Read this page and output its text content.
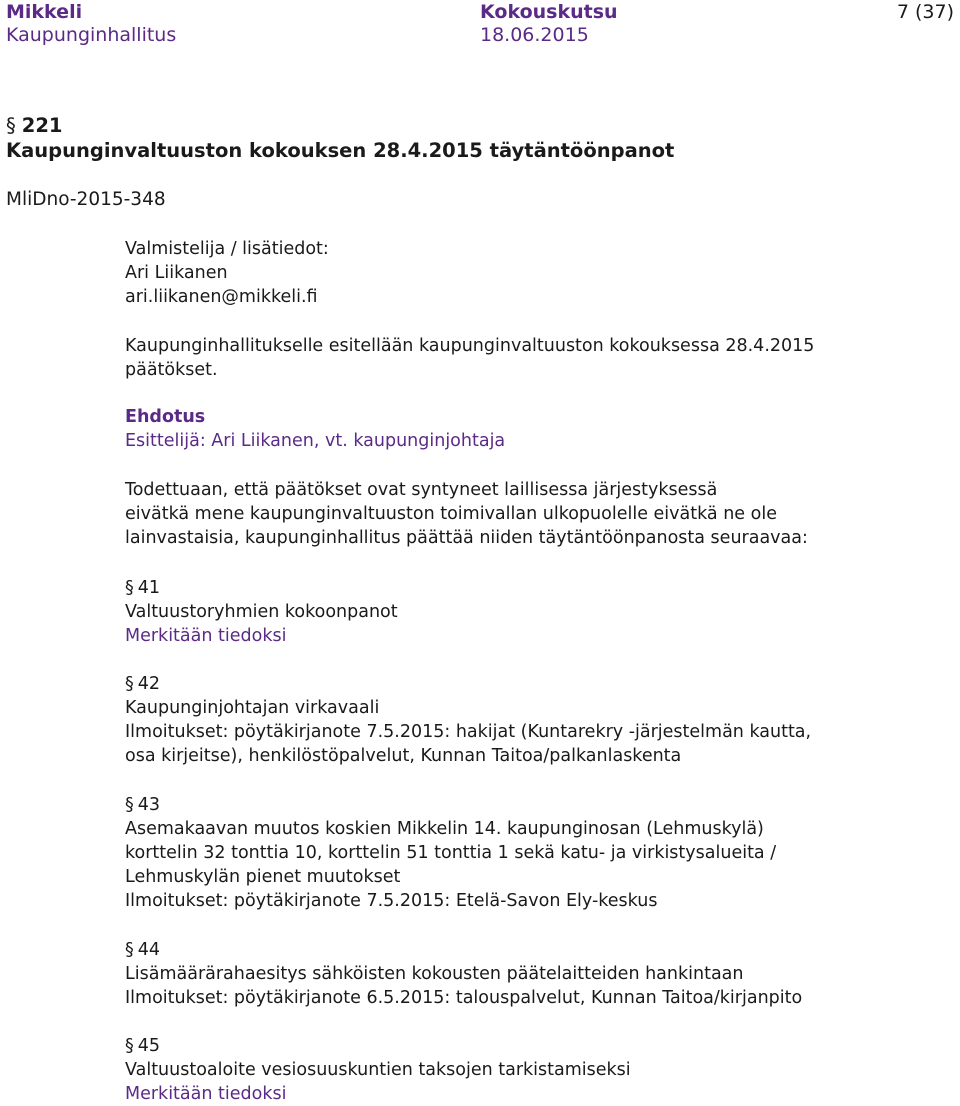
Mikkeli	Kokouskutsu	7 (37)
Kaupunginhallitus	18.06.2015
§ 221
Kaupunginvaltuuston kokouksen 28.4.2015 täytäntöönpanot
MliDno-2015-348
Valmistelija / lisätiedot:
Ari Liikanen
ari.liikanen@mikkeli.fi
Kaupunginhallitukselle esitellään kaupunginvaltuuston kokouksessa 28.4.2015
päätökset.
Ehdotus
Esittelijä: Ari Liikanen, vt. kaupunginjohtaja
Todettuaan, että päätökset ovat syntyneet laillisessa järjestyksessä
eivätkä mene kaupunginvaltuuston toimivallan ulkopuolelle eivätkä ne ole
lainvastaisia, kaupunginhallitus päättää niiden täytäntöönpanosta seuraavaa:
§ 41
Valtuustoryhmien kokoonpanot
Merkitään tiedoksi
§ 42
Kaupunginjohtajan virkavaali
Ilmoitukset: pöytäkirjanote 7.5.2015: hakijat (Kuntarekry -järjestelmän kautta,
osa kirjeitse), henkilöstöpalvelut, Kunnan Taitoa/palkanlaskenta
§ 43
Asemakaavan muutos koskien Mikkelin 14. kaupunginosan (Lehmuskylä)
korttelin 32 tonttia 10, korttelin 51 tonttia 1 sekä katu- ja virkistysalueita /
Lehmuskylän pienet muutokset
Ilmoitukset: pöytäkirjanote 7.5.2015: Etelä-Savon Ely-keskus
§ 44
Lisämäärärahaesitys sähköisten kokousten päätelaitteiden hankintaan
Ilmoitukset: pöytäkirjanote 6.5.2015: talouspalvelut, Kunnan Taitoa/kirjanpito
§ 45
Valtuustoaloite vesiosuuskuntien taksojen tarkistamiseksi
Merkitään tiedoksi
